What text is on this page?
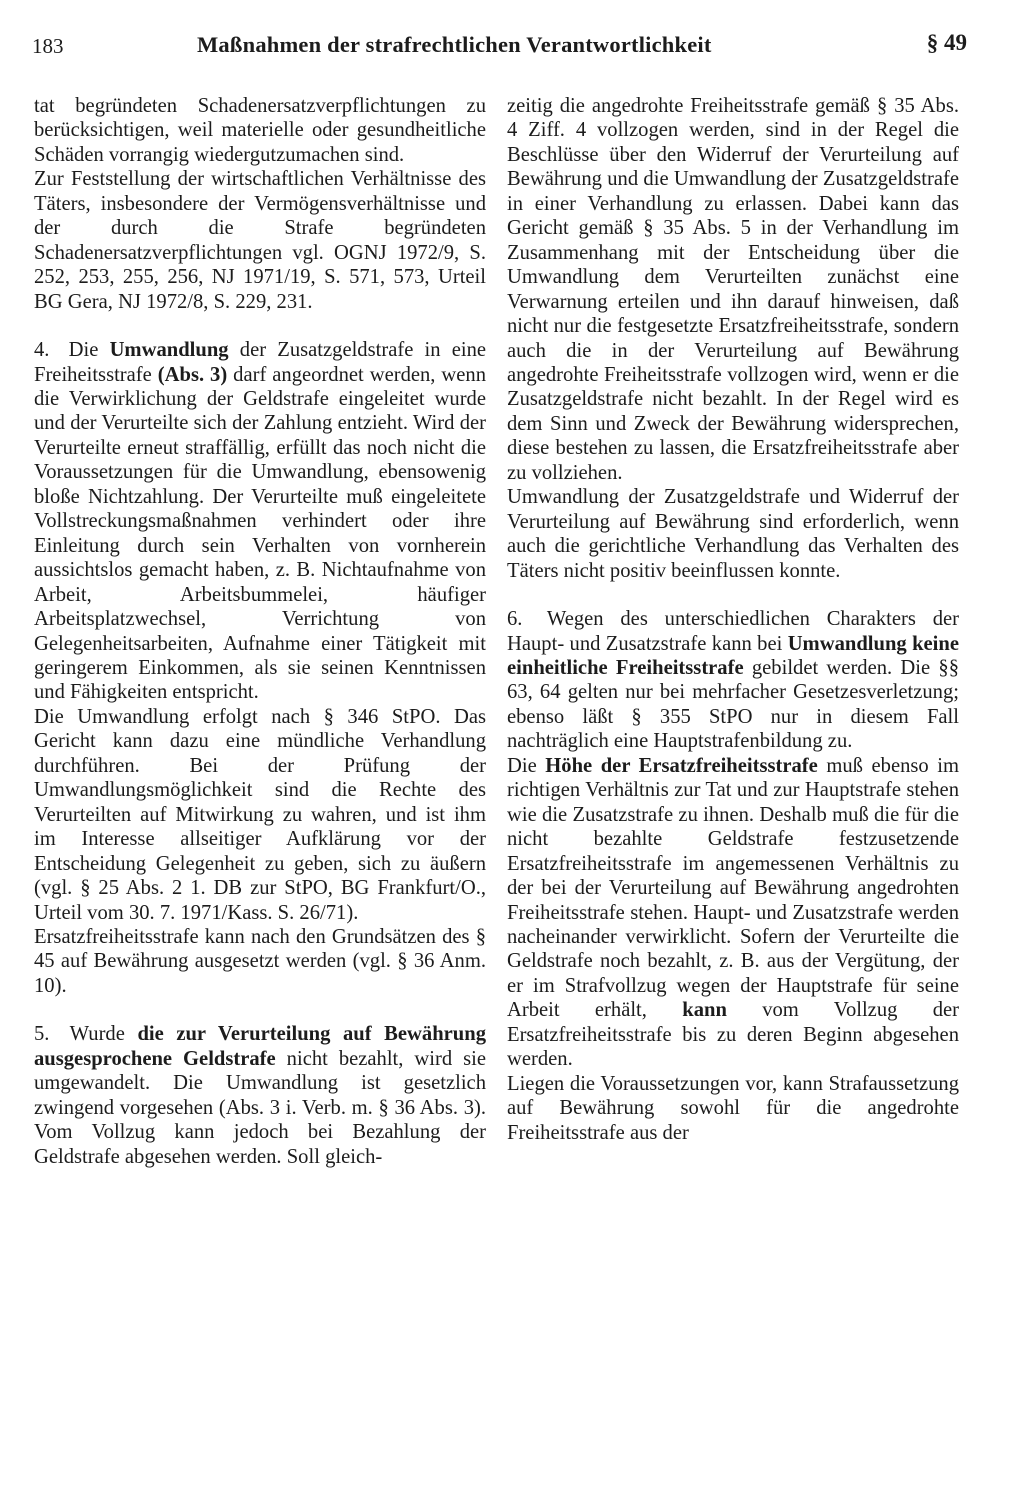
183	Maßnahmen der strafrechtlichen Verantwortlichkeit	§ 49

tat begründeten Schadenersatzverpflichtungen zu berücksichtigen, weil materielle oder gesundheitliche Schäden vorrangig wiedergutzumachen sind.

Zur Feststellung der wirtschaftlichen Verhältnisse des Täters, insbesondere der Vermögensverhältnisse und der durch die Strafe begründeten Schadenersatzverpflichtungen vgl. OGNJ 1972/9, S. 252, 253, 255, 256, NJ 1971/19, S. 571, 573, Urteil BG Gera, NJ 1972/8, S. 229, 231.

4. Die Umwandlung der Zusatzgeldstrafe in eine Freiheitsstrafe (Abs. 3) darf angeordnet werden, wenn die Verwirklichung der Geldstrafe eingeleitet wurde und der Verurteilte sich der Zahlung entzieht. Wird der Verurteilte erneut straffällig, erfüllt das noch nicht die Voraussetzungen für die Umwandlung, ebensowenig bloße Nichtzahlung. Der Verurteilte muß eingeleitete Vollstreckungsmaßnahmen verhindert oder ihre Einleitung durch sein Verhalten von vornherein aussichtslos gemacht haben, z. B. Nichtaufnahme von Arbeit, Arbeitsbummelei, häufiger Arbeitsplatzwechsel, Verrichtung von Gelegenheitsarbeiten, Aufnahme einer Tätigkeit mit geringerem Einkommen, als sie seinen Kenntnissen und Fähigkeiten entspricht.

Die Umwandlung erfolgt nach § 346 StPO. Das Gericht kann dazu eine mündliche Verhandlung durchführen. Bei der Prüfung der Umwandlungsmöglichkeit sind die Rechte des Verurteilten auf Mitwirkung zu wahren, und ist ihm im Interesse allseitiger Aufklärung vor der Entscheidung Gelegenheit zu geben, sich zu äußern (vgl. § 25 Abs. 2 1. DB zur StPO, BG Frankfurt/O., Urteil vom 30. 7. 1971/Kass. S. 26/71).

Ersatzfreiheitsstrafe kann nach den Grundsätzen des § 45 auf Bewährung ausgesetzt werden (vgl. § 36 Anm. 10).

5. Wurde die zur Verurteilung auf Bewährung ausgesprochene Geldstrafe nicht bezahlt, wird sie umgewandelt. Die Umwandlung ist gesetzlich zwingend vorgesehen (Abs. 3 i. Verb. m. § 36 Abs. 3). Vom Vollzug kann jedoch bei Bezahlung der Geldstrafe abgesehen werden. Soll gleich-

zeitig die angedrohte Freiheitsstrafe gemäß § 35 Abs. 4 Ziff. 4 vollzogen werden, sind in der Regel die Beschlüsse über den Widerruf der Verurteilung auf Bewährung und die Umwandlung der Zusatzgeldstrafe in einer Verhandlung zu erlassen. Dabei kann das Gericht gemäß § 35 Abs. 5 in der Verhandlung im Zusammenhang mit der Entscheidung über die Umwandlung dem Verurteilten zunächst eine Verwarnung erteilen und ihn darauf hinweisen, daß nicht nur die festgesetzte Ersatzfreiheitsstrafe, sondern auch die in der Verurteilung auf Bewährung angedrohte Freiheitsstrafe vollzogen wird, wenn er die Zusatzgeldstrafe nicht bezahlt. In der Regel wird es dem Sinn und Zweck der Bewährung widersprechen, diese bestehen zu lassen, die Ersatzfreiheitsstrafe aber zu vollziehen.

Umwandlung der Zusatzgeldstrafe und Widerruf der Verurteilung auf Bewährung sind erforderlich, wenn auch die gerichtliche Verhandlung das Verhalten des Täters nicht positiv beeinflussen konnte.

6. Wegen des unterschiedlichen Charakters der Haupt- und Zusatzstrafe kann bei Umwandlung keine einheitliche Freiheitsstrafe gebildet werden. Die §§ 63, 64 gelten nur bei mehrfacher Gesetzesverletzung; ebenso läßt § 355 StPO nur in diesem Fall nachträglich eine Hauptstrafenbildung zu.

Die Höhe der Ersatzfreiheitsstrafe muß ebenso im richtigen Verhältnis zur Tat und zur Hauptstrafe stehen wie die Zusatzstrafe zu ihnen. Deshalb muß die für die nicht bezahlte Geldstrafe festzusetzende Ersatzfreiheitsstrafe im angemessenen Verhältnis zu der bei der Verurteilung auf Bewährung angedrohten Freiheitsstrafe stehen. Haupt- und Zusatzstrafe werden nacheinander verwirklicht. Sofern der Verurteilte die Geldstrafe noch bezahlt, z. B. aus der Vergütung, der er im Strafvollzug wegen der Hauptstrafe für seine Arbeit erhält, kann vom Vollzug der Ersatzfreiheitsstrafe bis zu deren Beginn abgesehen werden.

Liegen die Voraussetzungen vor, kann Strafaussetzung auf Bewährung sowohl für die angedrohte Freiheitsstrafe aus der
